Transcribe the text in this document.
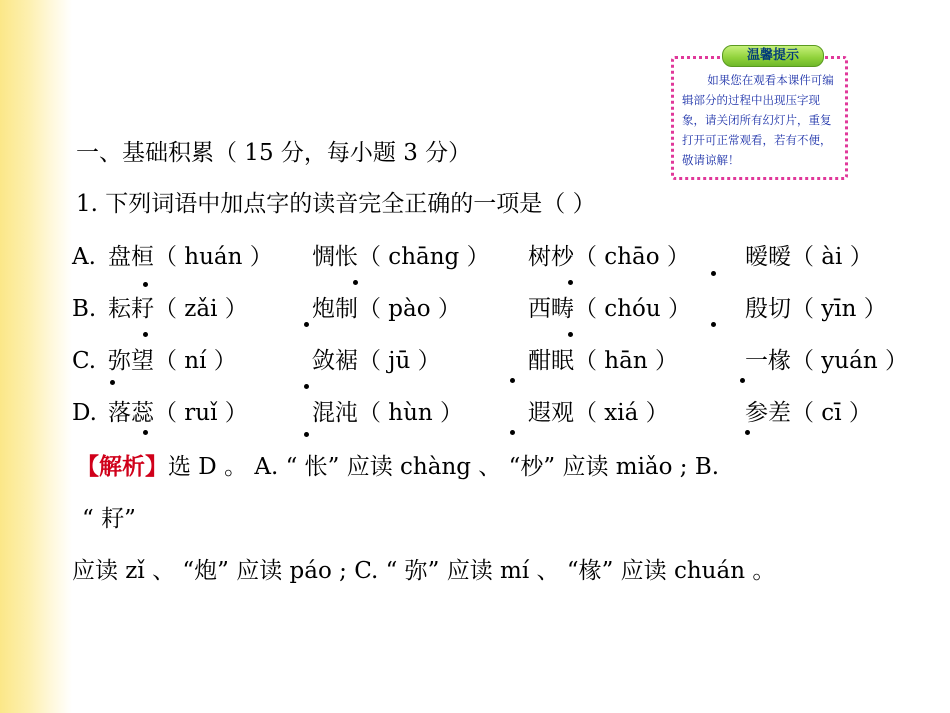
温馨提示
如果您在观看本课件可编辑部分的过程中出现压字现象，请关闭所有幻灯片，重复打开可正常观看，若有不便，敬请谅解！
一、基础积累（ 15 分，每小题 3 分）
1. 下列词语中加点字的读音完全正确的一项是（ ）
A. 盘桓（ huán ） 惆怅（ chāng ） 树杪（ chāo ） 暧暧（ ài ）
B. 耘耔（ zǎi ）	炮制（ pào ）	西畴（ chóu ） 殷切（ yīn ）
C. 弥望（ ní ）	敛裾（ jū ）	酣眠（ hān ）	一椽（ yuán ）
D. 落蕊（ ruǐ ）	混沌（ hùn ）	遐观（ xiá ）	参差（ cī ）
【解析】选 D 。 A. “ 怅” 应读 chàng 、 “杪” 应读 miǎo ; B.
“ 耔”
应读 zǐ 、 “炮” 应读 páo ; C. “ 弥” 应读 mí 、 “椽” 应读 chuán 。
